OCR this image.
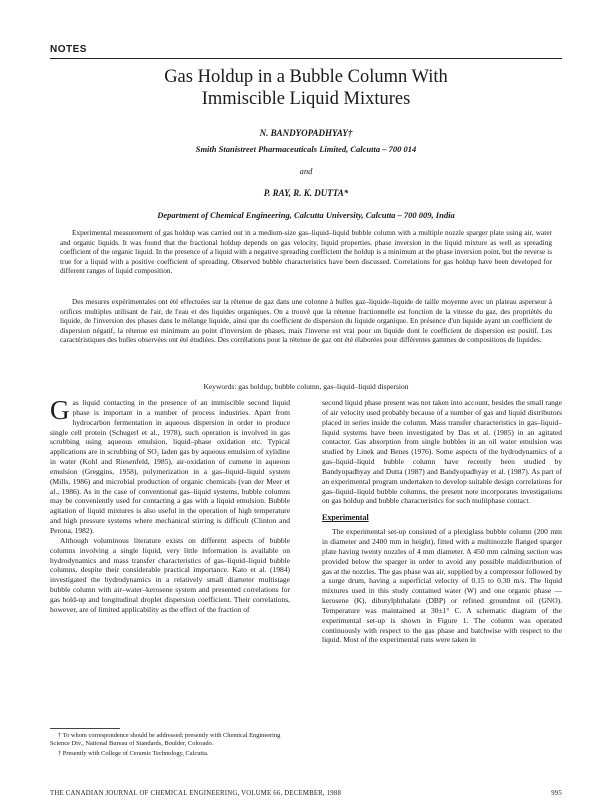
NOTES
Gas Holdup in a Bubble Column With
Immiscible Liquid Mixtures
N. BANDYOPADHYAY†
Smith Stanistreet Pharmaceuticals Limited, Calcutta – 700 014
and
P. RAY, R. K. DUTTA*
Department of Chemical Engineering, Calcutta University, Calcutta – 700 009, India

Experimental measurement of gas holdup was carried out in a medium-size gas–liquid–liquid bubble column with a multiple nozzle sparger plate using air, water and organic liquids. It was found that the fractional holdup depends on gas velocity, liquid properties, phase inversion in the liquid mixture as well as spreading coefficient of the organic liquid. In the presence of a liquid with a negative spreading coefficient the holdup is a minimum at the phase inversion point, but the reverse is true for a liquid with a positive coefficient of spreading. Observed bubble characteristics have been discussed. Correlations for gas holdup have been developed for different ranges of liquid composition.

Des mesures expérimentales ont été effectuées sur la rétenue de gaz dans une colonne à bulles gaz–liquide–liquide de taille moyenne avec un plateau asperseur à orifices multiples utilisant de l'air, de l'eau et des liquides organiques. On a trouvé que la rétenue fractionnelle est fonction de la vitesse du gaz, des propriétés du liquide, de l'inversion des phases dans le mélange liquide, ainsi que du coefficient de dispersion du liquide organique. En présence d'un liquide ayant un coefficient de dispersion négatif, la rétenue est minimum au point d'inversion de phases, mais l'inverse est vrai pour un liquide dont le coefficient de dispersion est positif. Les caractéristiques des bulles observées ont été étudiées. Des corrélations pour la rétenue de gaz ont été élaborées pour différentes gammes de compositions de liquides.

Keywords: gas holdup, bubble column, gas–liquid–liquid dispersion

Gas liquid contacting in the presence of an immiscible second liquid phase is important in a number of process industries. Apart from hydrocarbon fermentation in aqueous dispersion in order to produce single cell protein (Schugerl et al., 1978), such operation is involved in gas scrubbing using aqueous emulsion, liquid–phase oxidation etc. Typical applications are in scrubbing of SO₂ laden gas by aqueous emulsion of xylidine in water (Kohl and Riesenfeld, 1985), air-oxidation of cumene in aqueous emulsion (Greggins, 1958), polymerization in a gas–liquid–liquid system (Mills, 1986) and microbial production of organic chemicals (van der Meer et al., 1986). As in the case of conventional gas–liquid systems, bubble columns may be conveniently used for contacting a gas with a liquid emulsion. Bubble agitation of liquid mixtures is also useful in the operation of high temperature and high pressure systems where mechanical stirring is difficult (Clinton and Perona, 1982).

Although voluminous literature exists on different aspects of bubble columns involving a single liquid, very little information is available on hydrodynamics and mass transfer characteristics of gas–liquid–liquid bubble columns, despite their considerable practical importance. Kato et al. (1984) investigated the hydrodynamics in a relatively small diameter multistage bubble column with air–water–kerosene system and presented correlations for gas hold-up and longitudinal droplet dispersion coefficient. Their correlations, however, are of limited applicability as the effect of the fraction of

second liquid phase present was not taken into account, besides the small range of air velocity used probably because of a number of gas and liquid distributors placed in series inside the column. Mass transfer characteristics in gas–liquid–liquid systems have been investigated by Das et al. (1985) in an agitated contactor. Gas absorption from single bubbles in an oil water emulsion was studied by Linek and Benes (1976). Some aspects of the hydrodynamics of a gas–liquid–liquid bubble column have recently been studied by Bandyopadhyay and Dutta (1987) and Bandyopadhyay et al. (1987). As part of an experimental program undertaken to develop suitable design correlations for gas–liquid–liquid bubble columns, the present note incorporates investigations on gas holdup and bubble characteristics for such multiphase contact.

Experimental

The experimental set-up consisted of a plexiglass bubble column (200 mm in diameter and 2400 mm in height), fitted with a multinozzle flanged sparger plate having twenty nozzles of 4 mm diameter. A 450 mm calming section was provided below the sparger in order to avoid any possible maldistribution of gas at the nozzles. The gas phase was air, supplied by a compressor followed by a surge drum, having a superficial velocity of 0.15 to 0.30 m/s. The liquid mixtures used in this study contained water (W) and one organic phase — kerosene (K), dibutylphthalate (DBP) or refined groundnut oil (GNO). Temperature was maintained at 30±1° C. A schematic diagram of the experimental set-up is shown in Figure 1. The column was operated continuously with respect to the gas phase and batchwise with respect to the liquid. Most of the experimental runs were taken in

† To whom correspondence should be addressed; presently with Chemical Engineering Science Div., National Bureau of Standards, Boulder, Colorado.

† Presently with College of Ceramic Technology, Calcutta.

THE CANADIAN JOURNAL OF CHEMICAL ENGINEERING, VOLUME 66, DECEMBER, 1988	995
